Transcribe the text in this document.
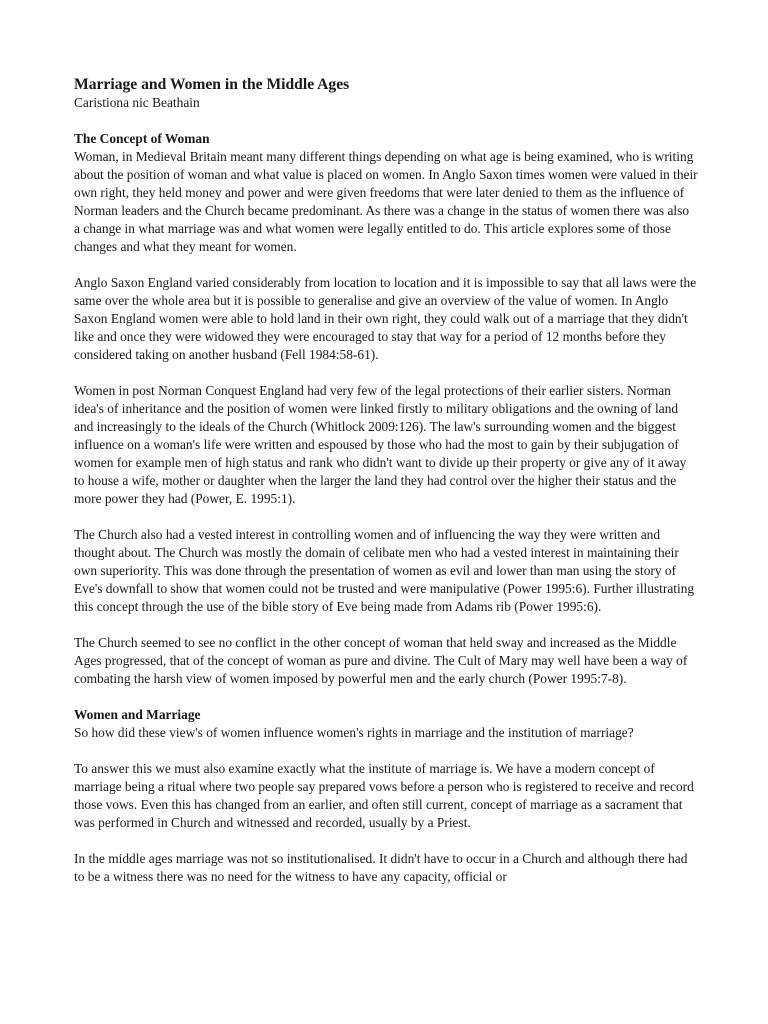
Marriage and Women in the Middle Ages

Caristiona nic Beathain

The Concept of Woman

Woman, in Medieval Britain meant many different things depending on what age is being examined, who is writing about the position of woman and what value is placed on women. In Anglo Saxon times women were valued in their own right, they held money and power and were given freedoms that were later denied to them as the influence of Norman leaders and the Church became predominant. As there was a change in the status of women there was also a change in what marriage was and what women were legally entitled to do. This article explores some of those changes and what they meant for women.

Anglo Saxon England varied considerably from location to location and it is impossible to say that all laws were the same over the whole area but it is possible to generalise and give an overview of the value of women. In Anglo Saxon England women were able to hold land in their own right, they could walk out of a marriage that they didn't like and once they were widowed they were encouraged to stay that way for a period of 12 months before they considered taking on another husband (Fell 1984:58-61).

Women in post Norman Conquest England had very few of the legal protections of their earlier sisters. Norman idea's of inheritance and the position of women were linked firstly to military obligations and the owning of land and increasingly to the ideals of the Church (Whitlock 2009:126). The law's surrounding women and the biggest influence on a woman's life were written and espoused by those who had the most to gain by their subjugation of women for example men of high status and rank who didn't want to divide up their property or give any of it away to house a wife, mother or daughter when the larger the land they had control over the higher their status and the more power they had (Power, E. 1995:1).

The Church also had a vested interest in controlling women and of influencing the way they were written and thought about. The Church was mostly the domain of celibate men who had a vested interest in maintaining their own superiority. This was done through the presentation of women as evil and lower than man using the story of Eve's downfall to show that women could not be trusted and were manipulative (Power 1995:6). Further illustrating this concept through the use of the bible story of Eve being made from Adams rib (Power 1995:6).

The Church seemed to see no conflict in the other concept of woman that held sway and increased as the Middle Ages progressed, that of the concept of woman as pure and divine. The Cult of Mary may well have been a way of combating the harsh view of women imposed by powerful men and the early church (Power 1995:7-8).

Women and Marriage

So how did these view's of women influence women's rights in marriage and the institution of marriage?

To answer this we must also examine exactly what the institute of marriage is. We have a modern concept of marriage being a ritual where two people say prepared vows before a person who is registered to receive and record those vows. Even this has changed from an earlier, and often still current, concept of marriage as a sacrament that was performed in Church and witnessed and recorded, usually by a Priest.

In the middle ages marriage was not so institutionalised. It didn't have to occur in a Church and although there had to be a witness there was no need for the witness to have any capacity, official or
